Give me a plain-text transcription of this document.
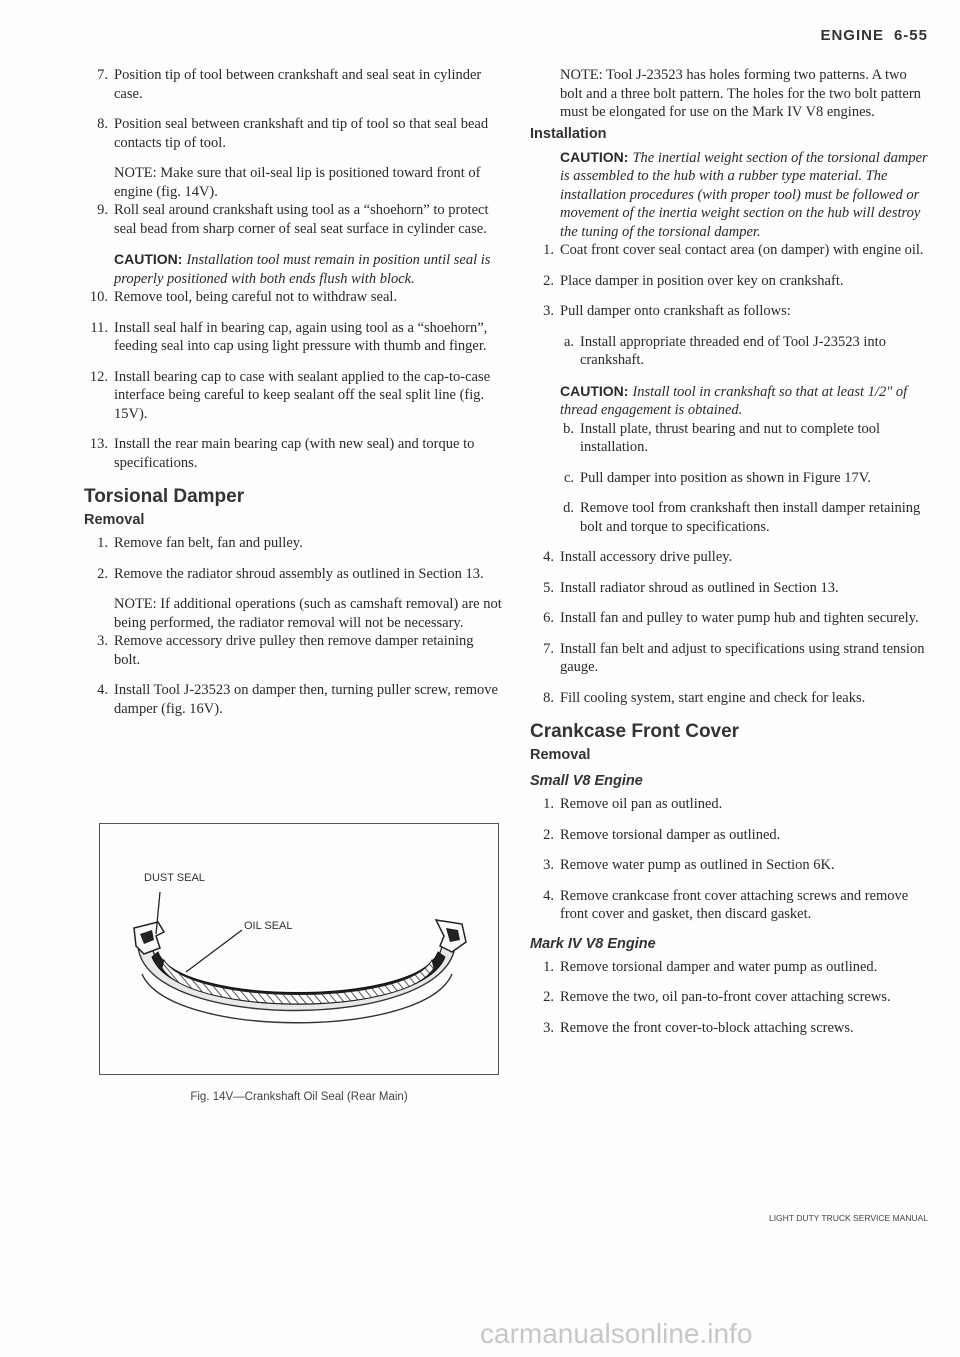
ENGINE 6-55
7. Position tip of tool between crankshaft and seal seat in cylinder case.

8. Position seal between crankshaft and tip of tool so that seal bead contacts tip of tool.

NOTE: Make sure that oil-seal lip is positioned toward front of engine (fig. 14V).

9. Roll seal around crankshaft using tool as a “shoehorn” to protect seal bead from sharp corner of seal seat surface in cylinder case.

CAUTION: Installation tool must remain in position until seal is properly positioned with both ends flush with block.

10. Remove tool, being careful not to withdraw seal.

11. Install seal half in bearing cap, again using tool as a “shoehorn”, feeding seal into cap using light pressure with thumb and finger.

12. Install bearing cap to case with sealant applied to the cap-to-case interface being careful to keep sealant off the seal split line (fig. 15V).

13. Install the rear main bearing cap (with new seal) and torque to specifications.

Torsional Damper
Removal
1. Remove fan belt, fan and pulley.

2. Remove the radiator shroud assembly as outlined in Section 13.

NOTE: If additional operations (such as camshaft removal) are not being performed, the radiator removal will not be necessary.

3. Remove accessory drive pulley then remove damper retaining bolt.

4. Install Tool J-23523 on damper then, turning puller screw, remove damper (fig. 16V).

DUST SEAL
OIL SEAL
Fig. 14V—Crankshaft Oil Seal (Rear Main)

NOTE: Tool J-23523 has holes forming two patterns. A two bolt and a three bolt pattern. The holes for the two bolt pattern must be elongated for use on the Mark IV V8 engines.

Installation

CAUTION: The inertial weight section of the torsional damper is assembled to the hub with a rubber type material. The installation procedures (with proper tool) must be followed or movement of the inertia weight section on the hub will destroy the tuning of the torsional damper.

1. Coat front cover seal contact area (on damper) with engine oil.

2. Place damper in position over key on crankshaft.

3. Pull damper onto crankshaft as follows:

a. Install appropriate threaded end of Tool J-23523 into crankshaft.

CAUTION: Install tool in crankshaft so that at least 1/2" of thread engagement is obtained.

b. Install plate, thrust bearing and nut to complete tool installation.

c. Pull damper into position as shown in Figure 17V.

d. Remove tool from crankshaft then install damper retaining bolt and torque to specifications.

4. Install accessory drive pulley.

5. Install radiator shroud as outlined in Section 13.

6. Install fan and pulley to water pump hub and tighten securely.

7. Install fan belt and adjust to specifications using strand tension gauge.

8. Fill cooling system, start engine and check for leaks.

Crankcase Front Cover
Removal
Small V8 Engine
1. Remove oil pan as outlined.

2. Remove torsional damper as outlined.

3. Remove water pump as outlined in Section 6K.

4. Remove crankcase front cover attaching screws and remove front cover and gasket, then discard gasket.

Mark IV V8 Engine
1. Remove torsional damper and water pump as outlined.

2. Remove the two, oil pan-to-front cover attaching screws.

3. Remove the front cover-to-block attaching screws.

LIGHT DUTY TRUCK SERVICE MANUAL
carmanualsonline.info
